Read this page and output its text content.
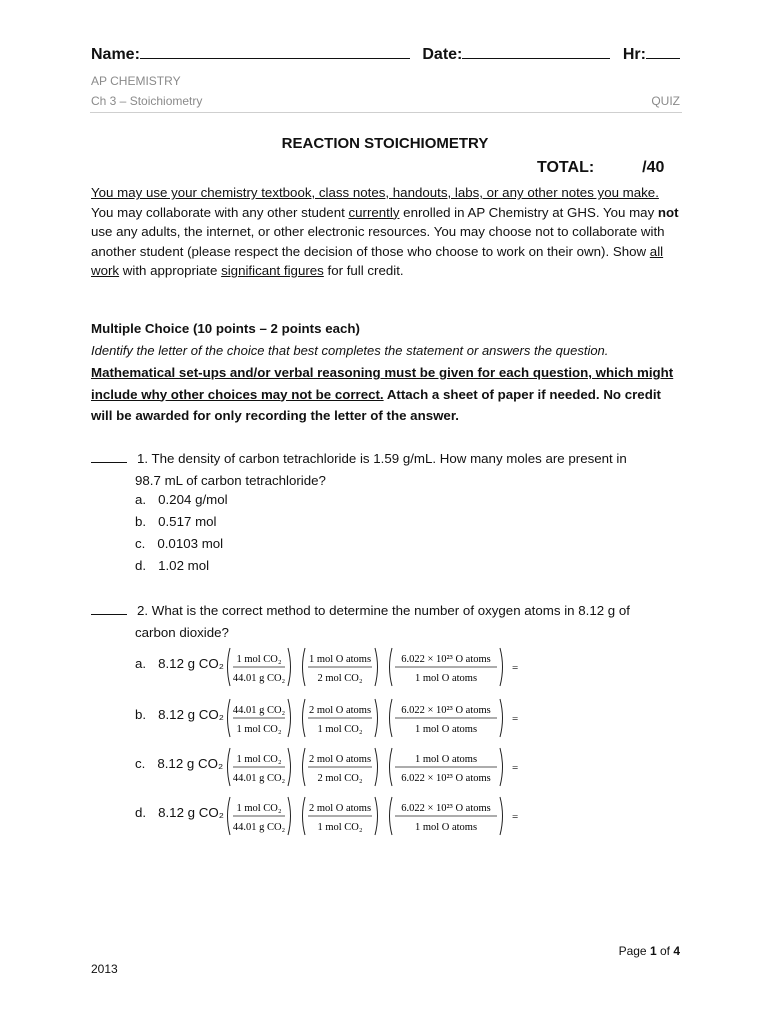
Name:	Date:	Hr:
AP CHEMISTRY
Ch 3 – Stoichiometry	QUIZ
REACTION STOICHIOMETRY
TOTAL:	/40
You may use your chemistry textbook, class notes, handouts, labs, or any other notes you make. You may collaborate with any other student currently enrolled in AP Chemistry at GHS. You may not use any adults, the internet, or other electronic resources. You may choose not to collaborate with another student (please respect the decision of those who choose to work on their own). Show all work with appropriate significant figures for full credit.
Multiple Choice (10 points – 2 points each)
Identify the letter of the choice that best completes the statement or answers the question.
Mathematical set-ups and/or verbal reasoning must be given for each question, which might include why other choices may not be correct. Attach a sheet of paper if needed. No credit will be awarded for only recording the letter of the answer.
1. The density of carbon tetrachloride is 1.59 g/mL. How many moles are present in
98.7 mL of carbon tetrachloride?
a. 0.204 g/mol
b. 0.517 mol
c. 0.0103 mol
d. 1.02 mol
2. What is the correct method to determine the number of oxygen atoms in 8.12 g of
carbon dioxide?
a. 8.12 g CO₂ 1 mol CO₂
44.01 g CO₂
1 mol O atoms
2 mol CO₂
6.022 × 10²³ O atoms
1 mol O atoms
=
b. 8.12 g CO₂ 44.01 g CO₂
1 mol CO₂
2 mol O atoms
1 mol CO₂
6.022 × 10²³ O atoms
1 mol O atoms
=
c. 8.12 g CO₂ 1 mol CO₂
44.01 g CO₂
2 mol O atoms
2 mol CO₂
1 mol O atoms
6.022 × 10²³ O atoms
=
d. 8.12 g CO₂ 1 mol CO₂
44.01 g CO₂
2 mol O atoms
1 mol CO₂
6.022 × 10²³ O atoms
1 mol O atoms
=
Page 1 of 4
2013
